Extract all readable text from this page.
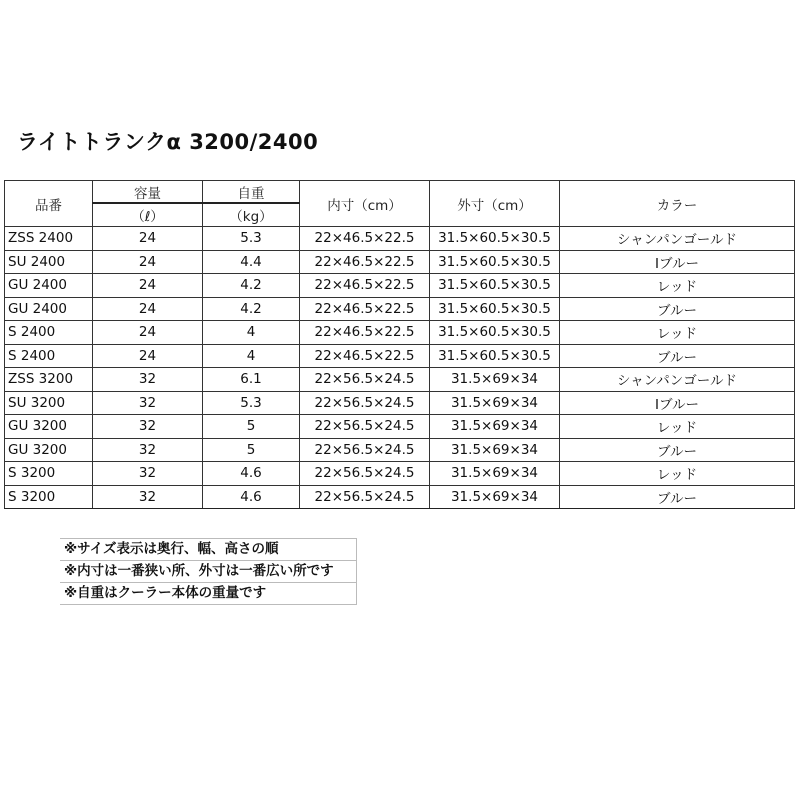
ライトトランクα 3200/2400
品番	容量	自重	内寸（cm）	外寸（cm）	カラー
	（ℓ）	（kg）			
ZSS 2400	24	5.3	22×46.5×22.5	31.5×60.5×30.5	シャンパンゴールド
SU 2400	24	4.4	22×46.5×22.5	31.5×60.5×30.5	Iブルー
GU 2400	24	4.2	22×46.5×22.5	31.5×60.5×30.5	レッド
GU 2400	24	4.2	22×46.5×22.5	31.5×60.5×30.5	ブルー
S 2400	24	4	22×46.5×22.5	31.5×60.5×30.5	レッド
S 2400	24	4	22×46.5×22.5	31.5×60.5×30.5	ブルー
ZSS 3200	32	6.1	22×56.5×24.5	31.5×69×34	シャンパンゴールド
SU 3200	32	5.3	22×56.5×24.5	31.5×69×34	Iブルー
GU 3200	32	5	22×56.5×24.5	31.5×69×34	レッド
GU 3200	32	5	22×56.5×24.5	31.5×69×34	ブルー
S 3200	32	4.6	22×56.5×24.5	31.5×69×34	レッド
S 3200	32	4.6	22×56.5×24.5	31.5×69×34	ブルー
※サイズ表示は奥行、幅、高さの順
※内寸は一番狭い所、外寸は一番広い所です
※自重はクーラー本体の重量です
